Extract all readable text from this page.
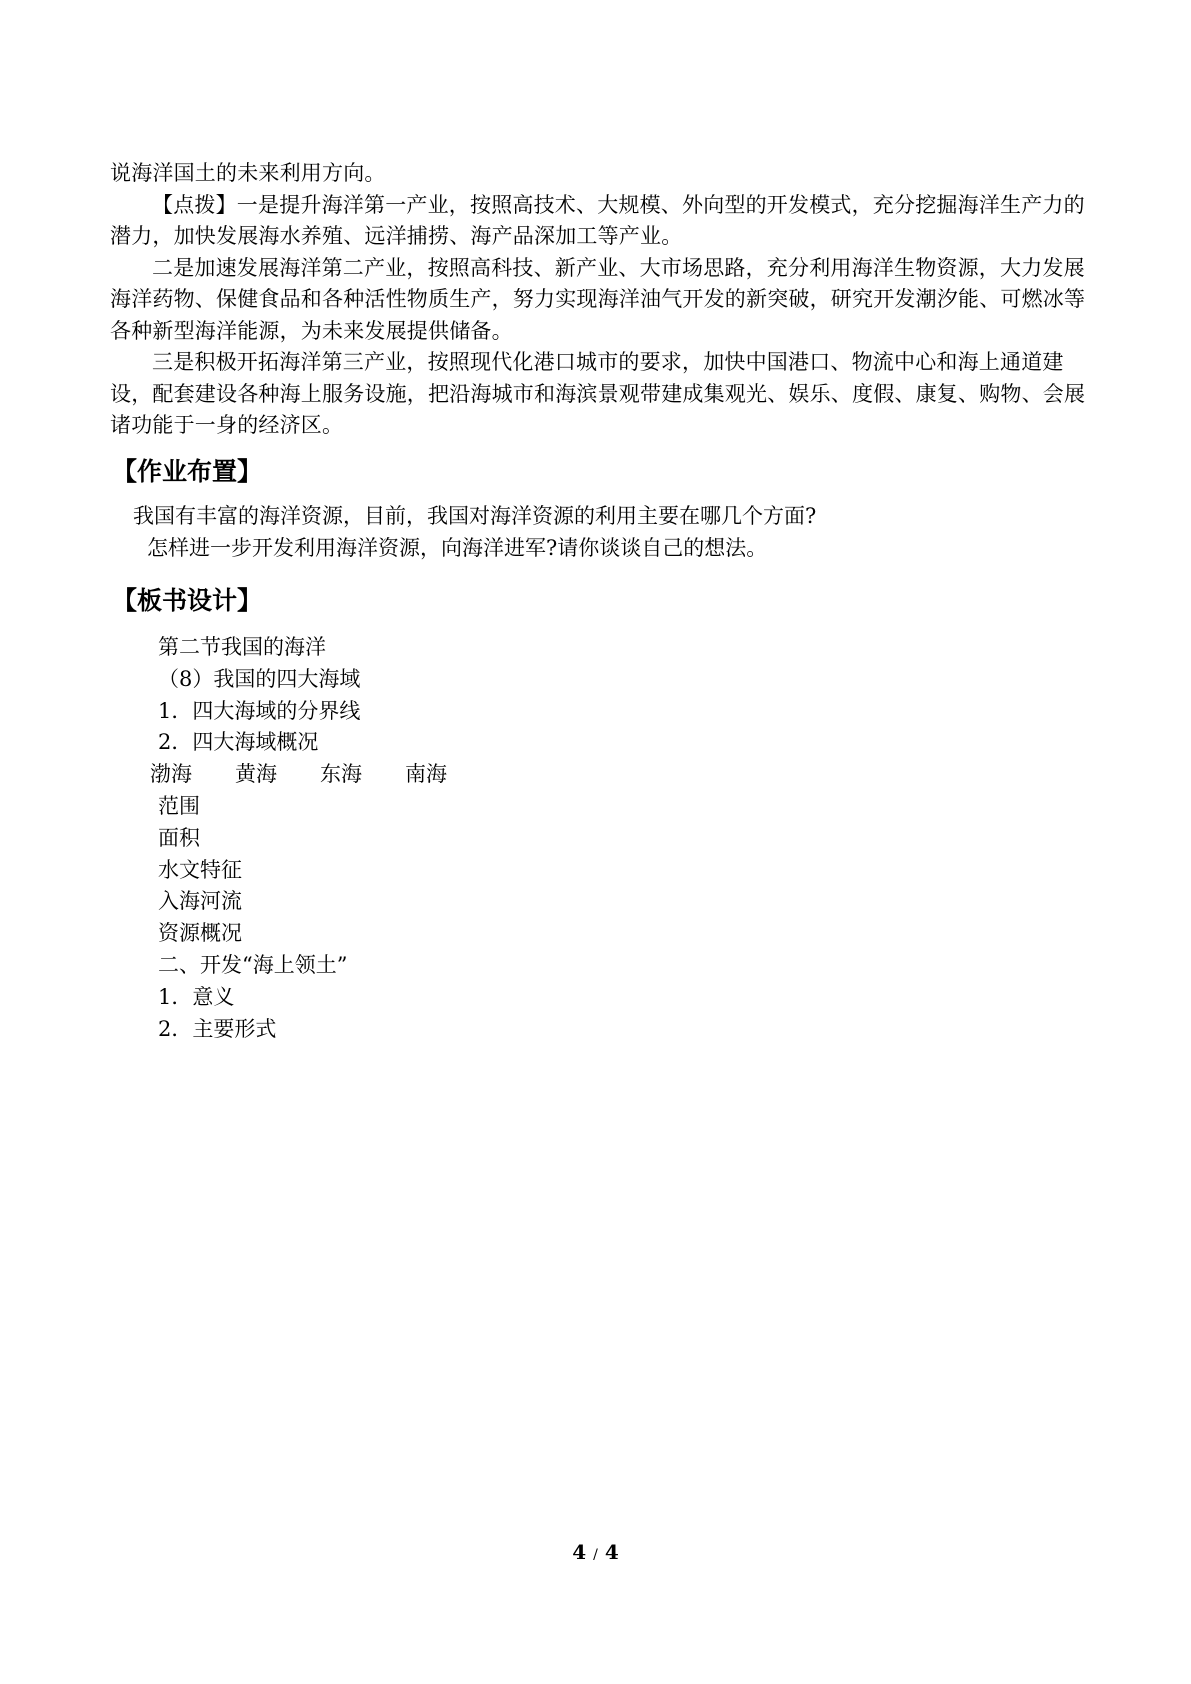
说海洋国土的未来利用方向。

【点拨】一是提升海洋第一产业，按照高技术、大规模、外向型的开发模式，充分挖掘海洋生产力的潜力，加快发展海水养殖、远洋捕捞、海产品深加工等产业。

二是加速发展海洋第二产业，按照高科技、新产业、大市场思路，充分利用海洋生物资源，大力发展海洋药物、保健食品和各种活性物质生产，努力实现海洋油气开发的新突破，研究开发潮汐能、可燃冰等各种新型海洋能源，为未来发展提供储备。

三是积极开拓海洋第三产业，按照现代化港口城市的要求，加快中国港口、物流中心和海上通道建设，配套建设各种海上服务设施，把沿海城市和海滨景观带建成集观光、娱乐、度假、康复、购物、会展诸功能于一身的经济区。

【作业布置】
我国有丰富的海洋资源，目前，我国对海洋资源的利用主要在哪几个方面?
怎样进一步开发利用海洋资源，向海洋进军?请你谈谈自己的想法。
【板书设计】
第二节我国的海洋
（8）我国的四大海域
1．四大海域的分界线
2．四大海域概况
渤海 黄海 东海 南海
范围
面积
水文特征
入海河流
资源概况
二、开发“海上领土”
1．意义
2．主要形式
4 / 4
